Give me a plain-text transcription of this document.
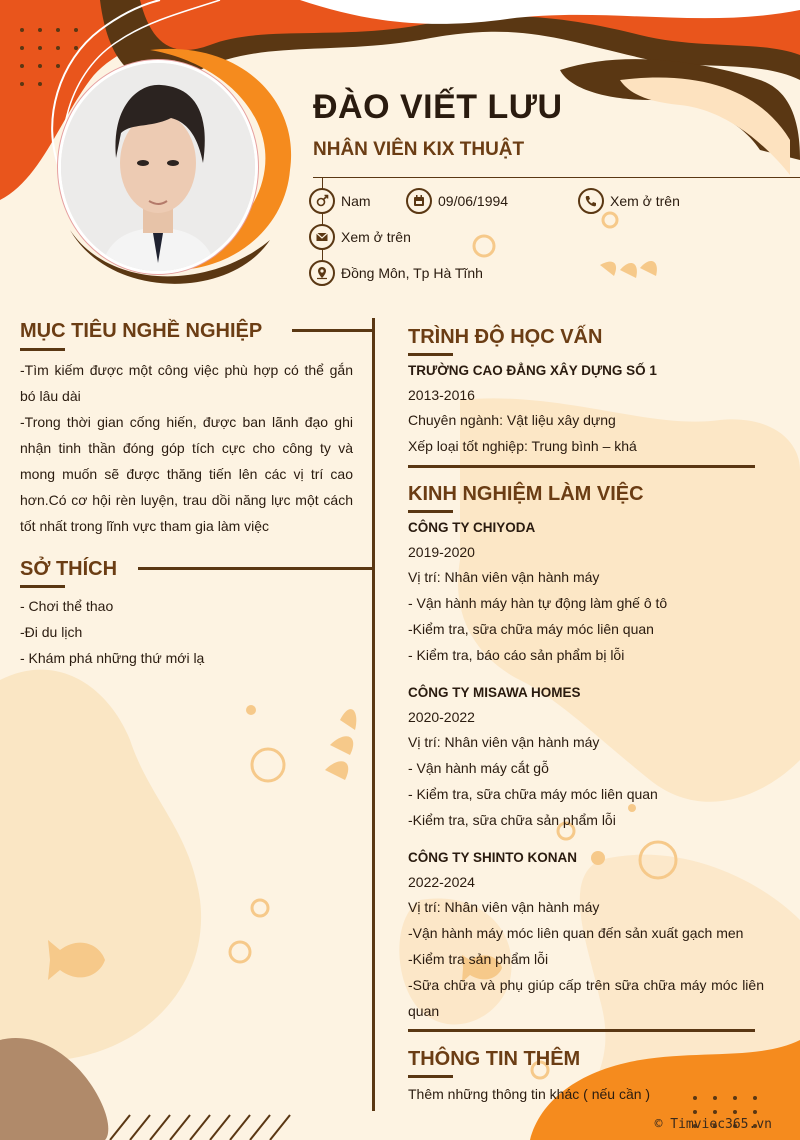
ĐÀO VIẾT LƯU
NHÂN VIÊN KIX THUẬT
Nam	09/06/1994	Xem ở trên
Xem ở trên
Đồng Môn, Tp Hà Tĩnh
MỤC TIÊU NGHỀ NGHIỆP
-Tìm kiếm được một công việc phù hợp có thể gắn bó lâu dài
-Trong thời gian cống hiến, được ban lãnh đạo ghi nhận tinh thần đóng góp tích cực cho công ty và mong muốn sẽ được thăng tiến lên các vị trí cao hơn.Có cơ hội rèn luyện, trau dồi năng lực một cách tốt nhất trong lĩnh vực tham gia làm việc
SỞ THÍCH
- Chơi thể thao
-Đi du lịch
- Khám phá những thứ mới lạ
TRÌNH ĐỘ HỌC VẤN
TRƯỜNG CAO ĐẲNG XÂY DỰNG SỐ 1
2013-2016
Chuyên ngành: Vật liệu xây dựng
Xếp loại tốt nghiệp: Trung bình – khá
KINH NGHIỆM LÀM VIỆC
CÔNG TY CHIYODA
2019-2020
Vị trí: Nhân viên vận hành máy
- Vận hành máy hàn tự động làm ghế ô tô
-Kiểm tra, sữa chữa máy móc liên quan
- Kiểm tra, báo cáo sản phẩm bị lỗi
CÔNG TY MISAWA HOMES
2020-2022
Vị trí: Nhân viên vận hành máy
- Vận hành máy cắt gỗ
- Kiểm tra, sữa chữa máy móc liên quan
-Kiểm tra, sữa chữa sản phẩm lỗi
CÔNG TY SHINTO KONAN
2022-2024
Vị trí: Nhân viên vận hành máy
-Vận hành máy móc liên quan đến sản xuất gạch men
-Kiểm tra sản phẩm lỗi
-Sữa chữa và phụ giúp cấp trên sữa chữa máy móc liên quan
THÔNG TIN THÊM
Thêm những thông tin khác ( nếu cần )
© Timviec365.vn
